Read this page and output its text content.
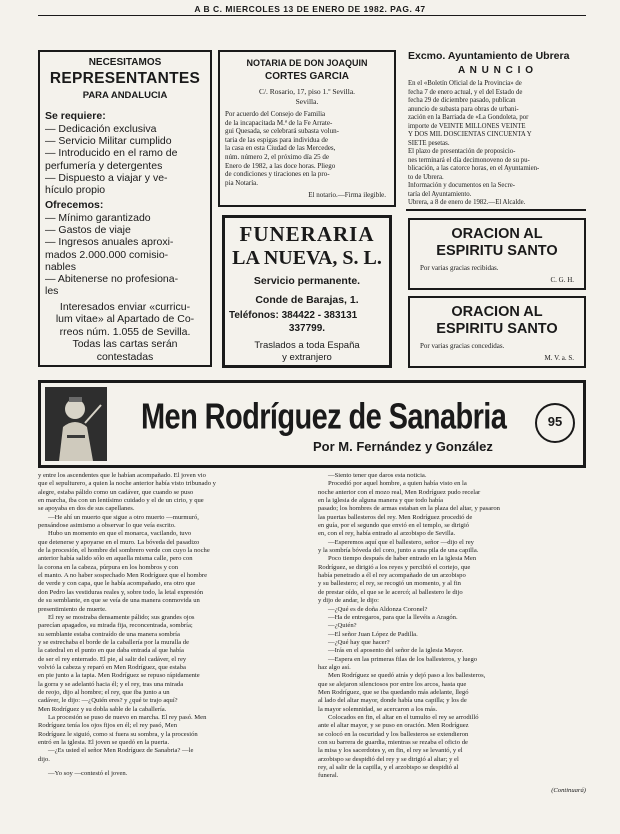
A B C. MIERCOLES 13 DE ENERO DE 1982. PAG. 47
NECESITAMOS
REPRESENTANTES
PARA ANDALUCIA
Se requiere:
— Dedicación exclusiva
— Servicio Militar cumplido
— Introducido en el ramo de
perfumería y detergentes
— Dispuesto a viajar y ve-
hículo propio
Ofrecemos:
— Mínimo garantizado
— Gastos de viaje
— Ingresos anuales aproxi-
mados 2.000.000 comisio-
nables
— Abitenerse no profesiona-
les
Interesados enviar «curricu-
lum vitae» al Apartado de Co-
rreos núm. 1.055 de Sevilla.
Todas las cartas serán
contestadas
NOTARIA DE DON JOAQUIN
CORTES GARCIA
C/. Rosario, 17, piso 1.º Sevilla.
Sevilla.
Por acuerdo del Consejo de Familia
de la incapacitada M.ª de la Fe Arrate-
gui Quesada, se celebrará subasta volun-
taria de las espigas para individua de
la casa en esta Ciudad de las Mercedes,
núm. número 2, el próximo día 25 de
Enero de 1982, a las doce horas. Pliego
de condiciones y tiraciones en la pro-
pia Notaría.
El notario.—Firma ilegible.
Excmo. Ayuntamiento de Ubrera
A N U N C I O
En el «Boletín Oficial de la Provincia» de
fecha 7 de enero actual, y el del Estado de
fecha 29 de diciembre pasado, publican
anuncio de subasta para obras de urbani-
zación en la Barriada de «La Gondoleta, por
importe de VEINTE MILLONES VEINTE
Y DOS MIL DOSCIENTAS CINCUENTA Y
SIETE pesetas.
El plazo de presentación de proposicio-
nes terminará el día decimonoveno de su pu-
blicación, a las catorce horas, en el Ayuntamien-
to de Ubrera.
Información y documentos en la Secre-
taría del Ayuntamiento.
Ubrera, a 8 de enero de 1982.—El Alcalde.
FUNERARIA
LA NUEVA, S. L.
Servicio permanente.
Conde de Barajas, 1.
Teléfonos: 384422 - 383131
337799.
Traslados a toda España
y extranjero
ORACION AL
ESPIRITU SANTO
Por varias gracias recibidas.
C. G. H.
ORACION AL
ESPIRITU SANTO
Por varias gracias concedidas.
M. V. a. S.
Men Rodríguez de Sanabria
Por M. Fernández y González
95

y entre los ascendentes que le habían acompañado. El joven vio

que el sepulturero, a quien la noche anterior había visto tribunado y

alegre, estaba pálido como un cadáver, que cuando se puso

en marcha, iba con un lentísimo cuidado y el de un cirio, y que

se apoyaba en dos de sus capellanes.

—He ahí un muerto que sigue a otro muerto —murmuró,

pensándose asimismo a observar lo que veía escrito.

Hubo un momento en que el monarca, vacilando, tuvo

que detenerse y apoyarse en el muro. La bóveda del pasadizo

de la procesión, el hombre del sombrero verde con cuyo la noche

anterior había salido sólo en aquella misma calle, pero con

la corona en la cabeza, púrpura en los hombros y con

el manto. A no haber sospechado Men Rodríguez que el hombre

de verde y con capa, que le había acompañado, era otro que

don Pedro las vestiduras reales y, sobre todo, la letal expresión

de su semblante, en que se veía de una manera conmovida un

presentimiento de muerte.

El rey se mostraba densamente pálido; sus grandes ojos

parecían apagados, su mirada fija, reconcentrada, sombría;

su semblante estaba contraído de una manera sombría

y se estrechaba el borde de la caballería por la muralla de

la catedral en el punto en que daba entrada al que había

de ser el rey enterrado. El pie, al salir del cadáver, el rey

volvió la cabeza y reparó en Men Rodríguez, que estaba

en pie junto a la tapia. Men Rodríguez se repuso rápidamente

la gorra y se adelantó hacia él; y el rey, tras una mirada

de reojo, dijo al hombre; el rey, que iba junto a un

cadáver, le dijo: —¿Quién eres? y ¿qué te trajo aquí?

Men Rodríguez y su dobla sable de la caballería.

La procesión se puso de nuevo en marcha. El rey pasó. Men

Rodríguez tenía los ojos fijos en él; el rey pasó, Men

Rodríguez le siguió, como si fuera su sombra, y la procesión

entró en la iglesia. El joven se quedó en la puerta.

—¿Es usted el señor Men Rodríguez de Sanabria? —le

dijo.

—Yo soy —contestó el joven.

—Siento tener que daros esta noticia.

Procedió por aquel hombre, a quien había visto en la

noche anterior con el mozo real, Men Rodríguez pudo recelar

en la iglesia de alguna manera y que todo había

pasado; los hombres de armas estaban en la plaza del altar, y pasaron

las puertas ballesteros del rey. Men Rodríguez procedió de

en guía, por el segundo que envió en el templo, se dirigió

en, con el rey, había entrado al arzobispo de Sevilla.

—Esperemos aquí que el ballestero, señor —dijo el rey

y la sombría bóveda del coro, junto a una pila de una capilla.

Poco tiempo después de haber entrado en la iglesia Men

Rodríguez, se dirigió a los reyes y percibió el cortejo, que

había penetrado a él el rey acompañado de un arzobispo

y su ballestero; el rey, se recogió un momento, y al fin

de prestar oído, el que se le acercó; al ballestero le dijo

y dijo de andar, le dijo:

—¿Qué es de doña Aldonza Coronel?

—Ha de entregaros, para que la llevéis a Aragón.

—¿Quién?

—El señor Juan López de Padilla.

—¿Qué hay que hacer?

—Irás en el aposento del señor de la iglesia Mayor.

—Espera en las primeras filas de los ballesteros, y luego

haz algo así.

Men Rodríguez se quedó atrás y dejó paso a los ballesteros,

que se alejaron silenciosos por entre los arcos, hasta que

Men Rodríguez, que se iba quedando más adelante, llegó

al lado del altar mayor, donde había una capilla; y los de

la mayor solemnidad, se acercaron a los más.

Colocados en fin, el altar en el tumulto el rey se arrodilló

ante el altar mayor, y se puso en oración. Men Rodríguez

se colocó en la oscuridad y los ballesteros se extendieron

con su barrera de guardia, mientras se rezaba el oficio de

la misa y los sacerdotes y, en fin, el rey se levantó, y el

arzobispo se despidió del rey y se dirigió al altar; y el

rey, al salir de la capilla, y el arzobispo se despidió al

funeral.

(Continuará)
